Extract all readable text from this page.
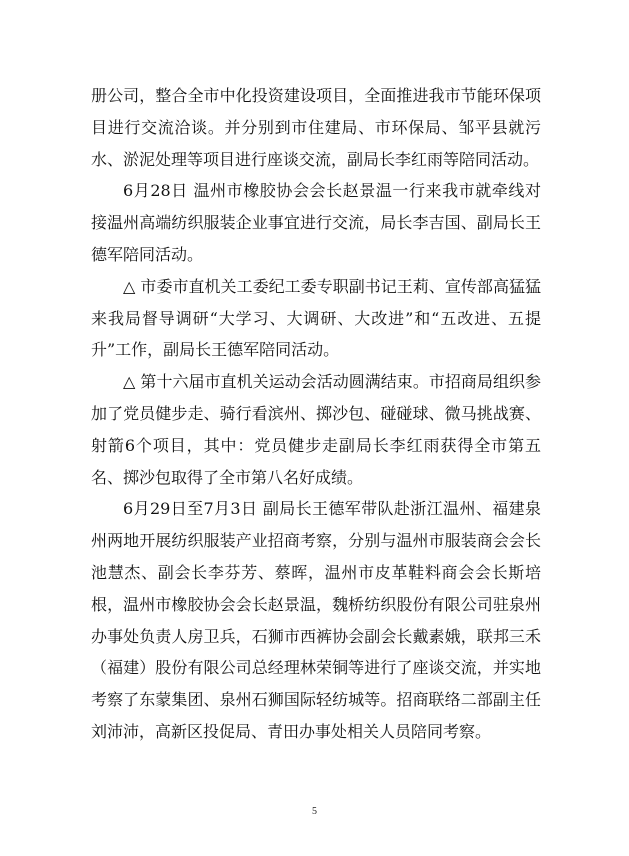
册公司，整合全市中化投资建设项目，全面推进我市节能环保项目进行交流洽谈。并分别到市住建局、市环保局、邹平县就污水、淤泥处理等项目进行座谈交流，副局长李红雨等陪同活动。

6月28日 温州市橡胶协会会长赵景温一行来我市就牵线对接温州高端纺织服装企业事宜进行交流，局长李吉国、副局长王德军陪同活动。

△ 市委市直机关工委纪工委专职副书记王莉、宣传部高猛猛来我局督导调研“大学习、大调研、大改进”和“五改进、五提升”工作，副局长王德军陪同活动。

△ 第十六届市直机关运动会活动圆满结束。市招商局组织参加了党员健步走、骑行看滨州、掷沙包、碰碰球、微马挑战赛、射箭6个项目，其中：党员健步走副局长李红雨获得全市第五名、掷沙包取得了全市第八名好成绩。

6月29日至7月3日 副局长王德军带队赴浙江温州、福建泉州两地开展纺织服装产业招商考察，分别与温州市服装商会会长池慧杰、副会长李芬芳、蔡晖，温州市皮革鞋料商会会长斯培根，温州市橡胶协会会长赵景温，魏桥纺织股份有限公司驻泉州办事处负责人房卫兵，石狮市西裤协会副会长戴素娥，联邦三禾（福建）股份有限公司总经理林荣铜等进行了座谈交流，并实地考察了东蒙集团、泉州石狮国际轻纺城等。招商联络二部副主任刘沛沛，高新区投促局、青田办事处相关人员陪同考察。

5
